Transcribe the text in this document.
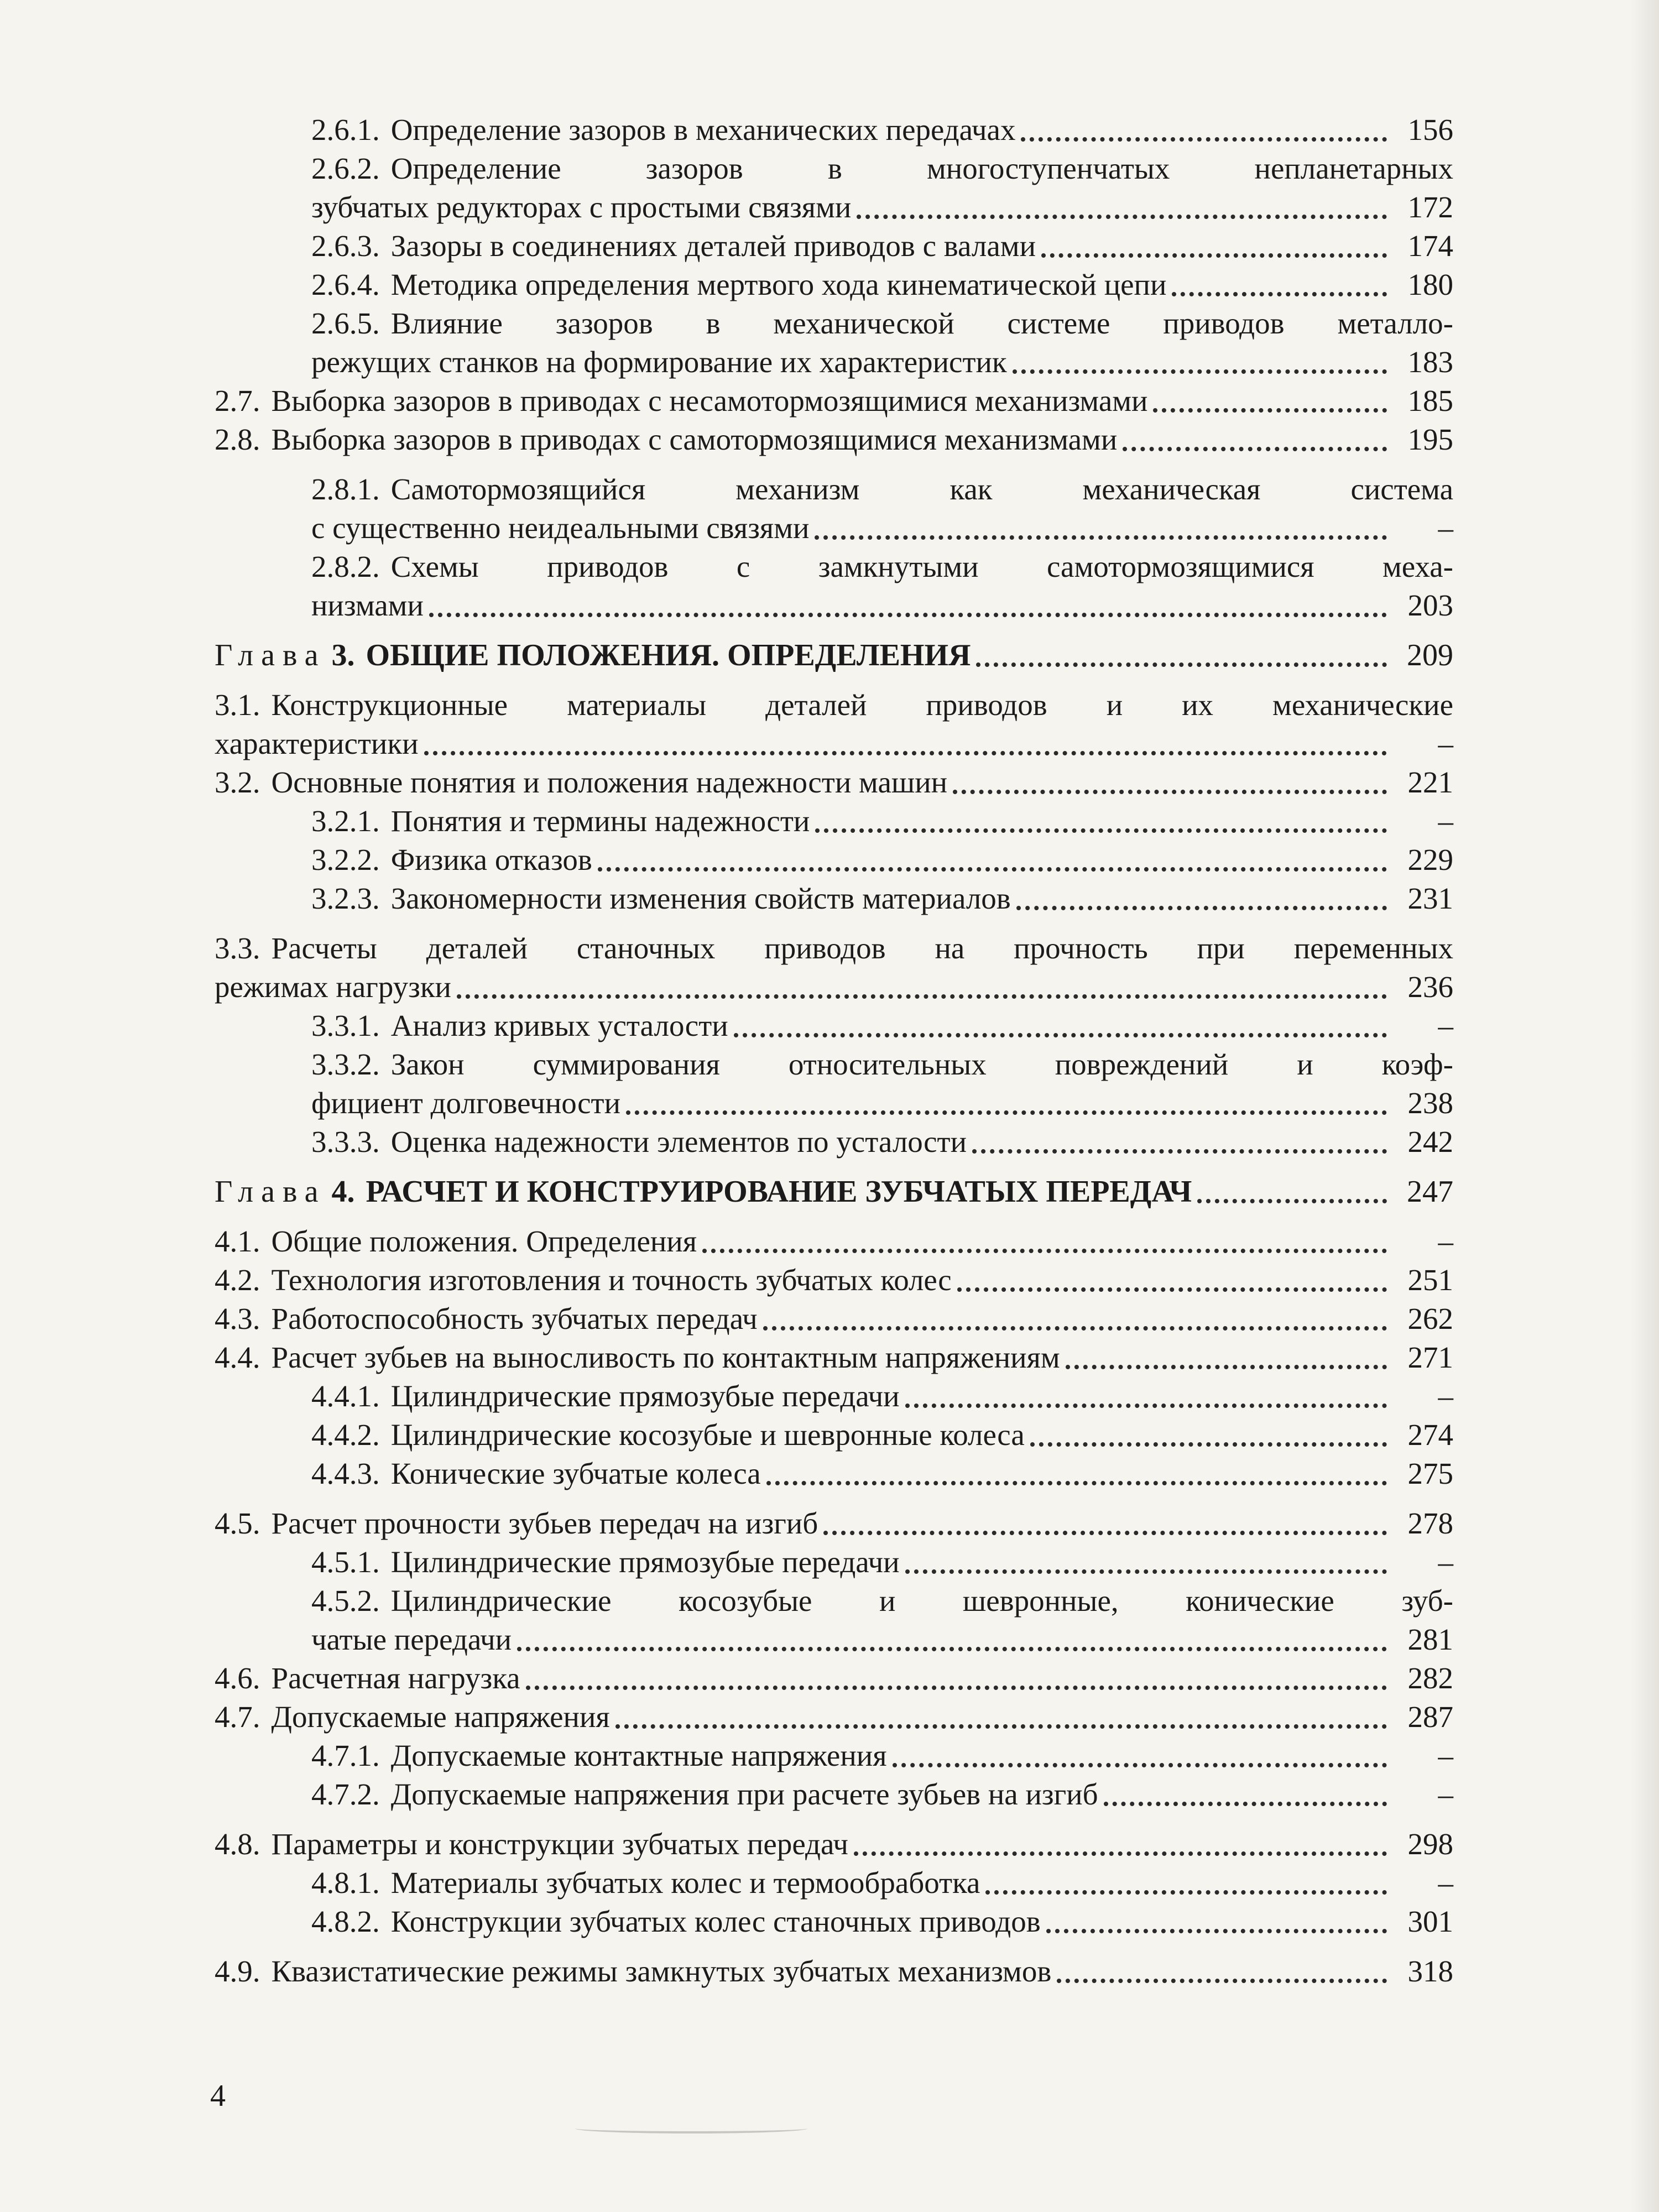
2.6.1. Определение зазоров в механических передачах	156
2.6.2. Определение зазоров в многоступенчатых непланетарных
зубчатых редукторах с простыми связями	172
2.6.3. Зазоры в соединениях деталей приводов с валами	174
2.6.4. Методика определения мертвого хода кинематической цепи	180
2.6.5. Влияние зазоров в механической системе приводов металло-
режущих станков на формирование их характеристик	183
2.7. Выборка зазоров в приводах с несамотормозящимися механизмами	185
2.8. Выборка зазоров в приводах с самотормозящимися механизмами	195
2.8.1. Самотормозящийся механизм как механическая система
с существенно неидеальными связями	–
2.8.2. Схемы приводов с замкнутыми самотормозящимися меха-
низмами	203
Глава 3. ОБЩИЕ ПОЛОЖЕНИЯ. ОПРЕДЕЛЕНИЯ	209
3.1. Конструкционные материалы деталей приводов и их механические
характеристики	–
3.2. Основные понятия и положения надежности машин	221
3.2.1. Понятия и термины надежности	–
3.2.2. Физика отказов	229
3.2.3. Закономерности изменения свойств материалов	231
3.3. Расчеты деталей станочных приводов на прочность при переменных
режимах нагрузки	236
3.3.1. Анализ кривых усталости	–
3.3.2. Закон суммирования относительных повреждений и коэф-
фициент долговечности	238
3.3.3. Оценка надежности элементов по усталости	242
Глава 4. РАСЧЕТ И КОНСТРУИРОВАНИЕ ЗУБЧАТЫХ ПЕРЕДАЧ	247
4.1. Общие положения. Определения	–
4.2. Технология изготовления и точность зубчатых колес	251
4.3. Работоспособность зубчатых передач	262
4.4. Расчет зубьев на выносливость по контактным напряжениям	271
4.4.1. Цилиндрические прямозубые передачи	–
4.4.2. Цилиндрические косозубые и шевронные колеса	274
4.4.3. Конические зубчатые колеса	275
4.5. Расчет прочности зубьев передач на изгиб	278
4.5.1. Цилиндрические прямозубые передачи	–
4.5.2. Цилиндрические косозубые и шевронные, конические зуб-
чатые передачи	281
4.6. Расчетная нагрузка	282
4.7. Допускаемые напряжения	287
4.7.1. Допускаемые контактные напряжения	–
4.7.2. Допускаемые напряжения при расчете зубьев на изгиб	–
4.8. Параметры и конструкции зубчатых передач	298
4.8.1. Материалы зубчатых колес и термообработка	–
4.8.2. Конструкции зубчатых колес станочных приводов	301
4.9. Квазистатические режимы замкнутых зубчатых механизмов	318
4
